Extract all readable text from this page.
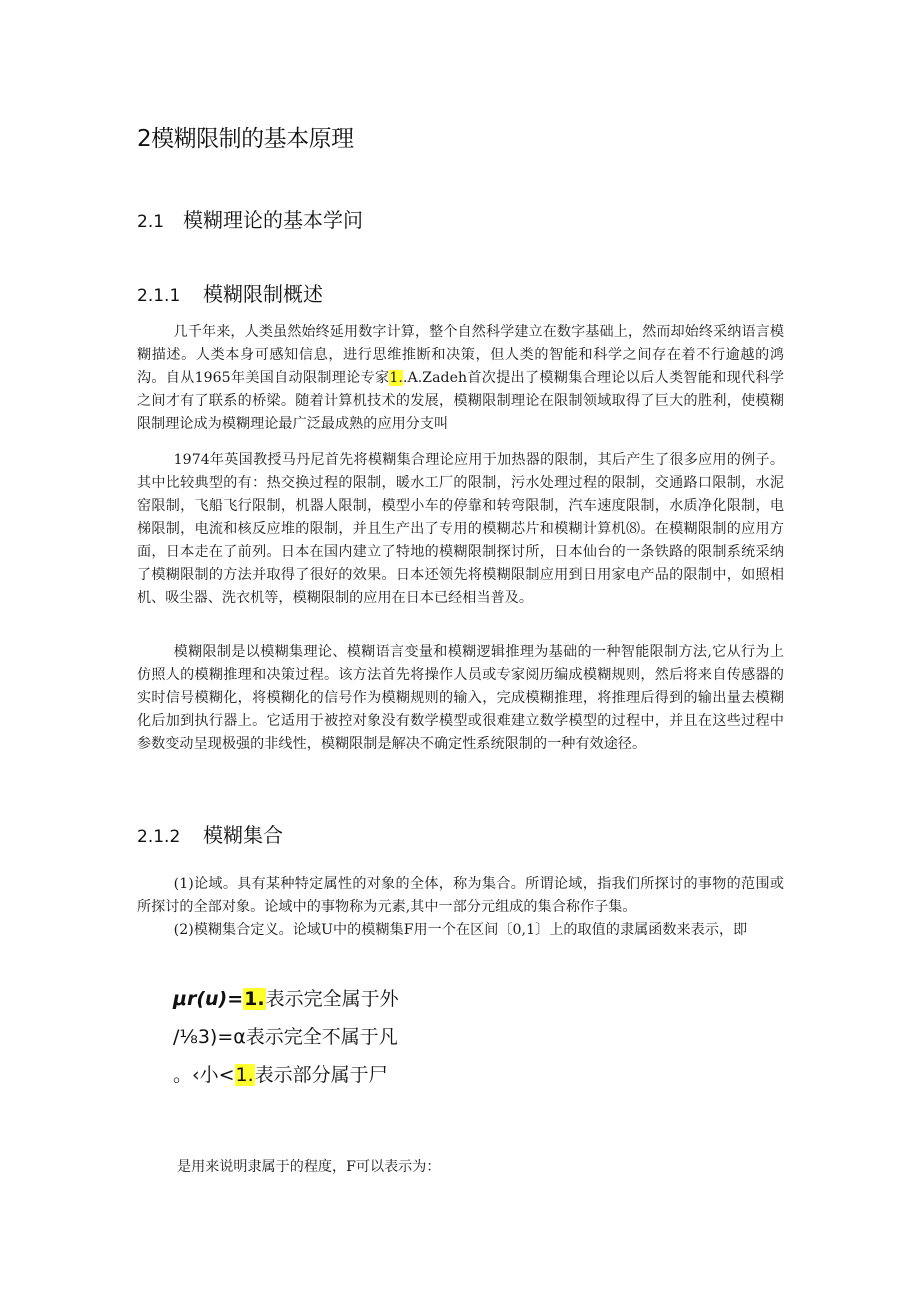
2模糊限制的基本原理
2.1 模糊理论的基本学问
2.1.1 模糊限制概述

几千年来，人类虽然始终延用数字计算，整个自然科学建立在数字基础上，然而却始终采纳语言模糊描述。人类本身可感知信息，进行思维推断和决策，但人类的智能和科学之间存在着不行逾越的鸿沟。自从1965年美国自动限制理论专家1..A.Zadeh首次提出了模糊集合理论以后人类智能和现代科学之间才有了联系的桥梁。随着计算机技术的发展，模糊限制理论在限制领域取得了巨大的胜利，使模糊限制理论成为模糊理论最广泛最成熟的应用分支叫

1974年英国教授马丹尼首先将模糊集合理论应用于加热器的限制，其后产生了很多应用的例子。其中比较典型的有：热交换过程的限制，暖水工厂的限制，污水处理过程的限制，交通路口限制，水泥窑限制，飞船飞行限制，机器人限制，模型小车的停靠和转弯限制，汽车速度限制，水质净化限制，电梯限制，电流和核反应堆的限制，并且生产出了专用的模糊芯片和模糊计算机⑻。在模糊限制的应用方面，日本走在了前列。日本在国内建立了特地的模糊限制探讨所，日本仙台的一条铁路的限制系统采纳了模糊限制的方法并取得了很好的效果。日本还领先将模糊限制应用到日用家电产品的限制中，如照相机、吸尘器、洗衣机等，模糊限制的应用在日本已经相当普及。

模糊限制是以模糊集理论、模糊语言变量和模糊逻辑推理为基础的一种智能限制方法,它从行为上仿照人的模糊推理和决策过程。该方法首先将操作人员或专家阅历编成模糊规则，然后将来自传感器的实时信号模糊化，将模糊化的信号作为模糊规则的输入，完成模糊推理，将推理后得到的输出量去模糊化后加到执行器上。它适用于被控对象没有数学模型或很难建立数学模型的过程中，并且在这些过程中参数变动呈现极强的非线性，模糊限制是解决不确定性系统限制的一种有效途径。

2.1.2 模糊集合

(1)论域。具有某种特定属性的对象的全体，称为集合。所谓论域，指我们所探讨的事物的范围或所探讨的全部对象。论域中的事物称为元素,其中一部分元组成的集合称作子集。

(2)模糊集合定义。论域U中的模糊集F用一个在区间〔0,1〕上的取值的隶属函数来表示，即

μr(u)=1.表示完全属于外

/⅛3)=α表示完全不属于凡

。‹小<1.表示部分属于尸

是用来说明隶属于的程度，F可以表示为：
